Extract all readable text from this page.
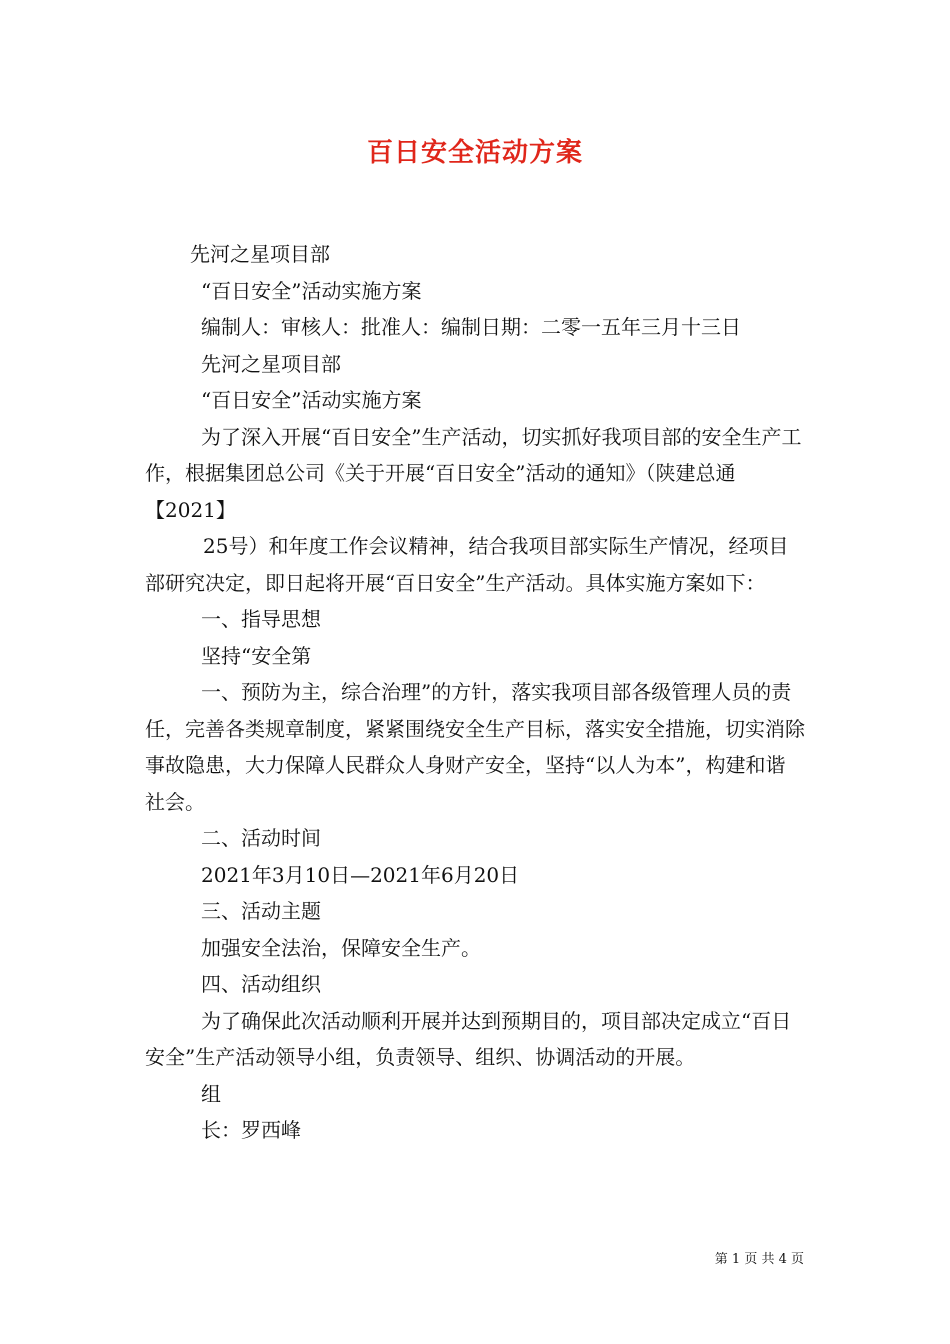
百日安全活动方案

先河之星项目部

“百日安全”活动实施方案

编制人：审核人：批准人：编制日期：二零一五年三月十三日

先河之星项目部

“百日安全”活动实施方案

为了深入开展“百日安全”生产活动，切实抓好我项目部的安全生产工作，根据集团总公司《关于开展“百日安全”活动的通知》（陕建总通【2021】

25号）和年度工作会议精神，结合我项目部实际生产情况，经项目部研究决定，即日起将开展“百日安全”生产活动。具体实施方案如下：

一、指导思想

坚持“安全第

一、预防为主，综合治理”的方针，落实我项目部各级管理人员的责任，完善各类规章制度，紧紧围绕安全生产目标，落实安全措施，切实消除事故隐患，大力保障人民群众人身财产安全，坚持“以人为本”，构建和谐社会。

二、活动时间

2021年3月10日—2021年6月20日

三、活动主题

加强安全法治，保障安全生产。

四、活动组织

为了确保此次活动顺利开展并达到预期目的，项目部决定成立“百日安全”生产活动领导小组，负责领导、组织、协调活动的开展。

组

长：罗西峰

第 1 页 共 4 页
